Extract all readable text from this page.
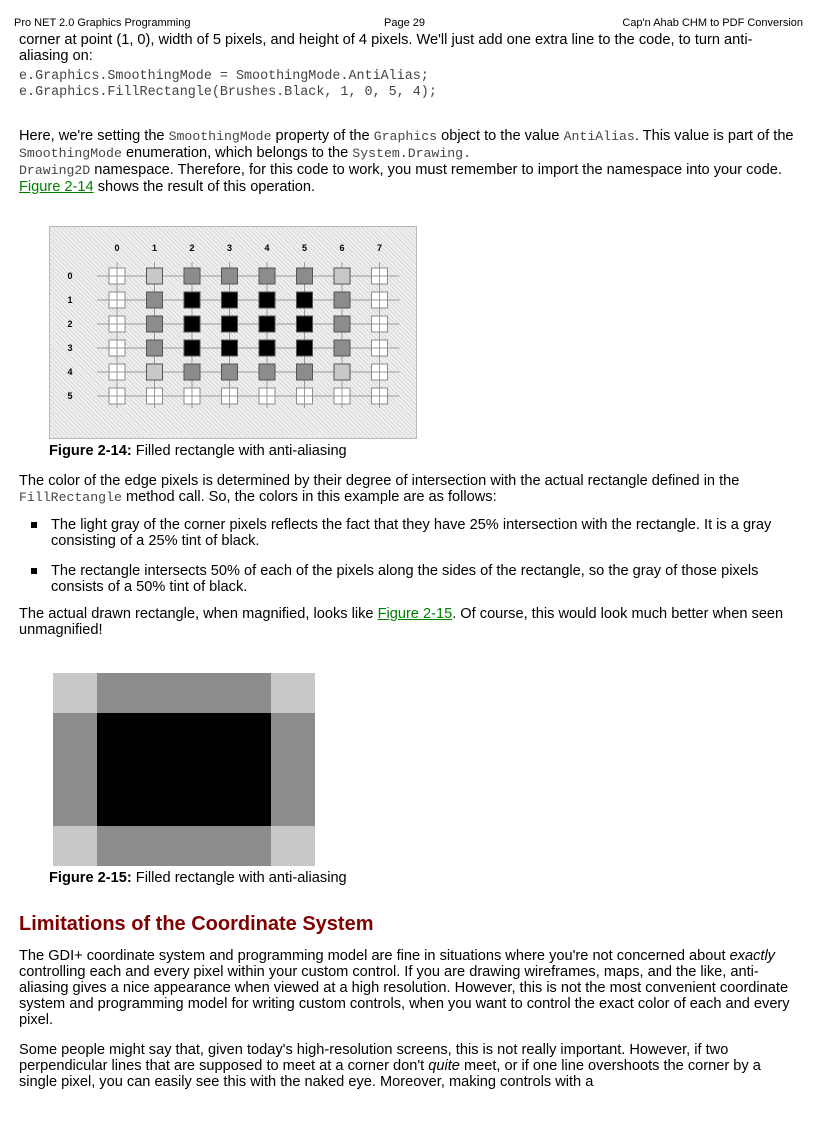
Pro NET 2.0 Graphics Programming	Page 29	Cap'n Ahab CHM to PDF Conversion

corner at point (1, 0), width of 5 pixels, and height of 4 pixels. We'll just add one extra line to the code, to turn anti-aliasing on:

e.Graphics.SmoothingMode = SmoothingMode.AntiAlias;
e.Graphics.FillRectangle(Brushes.Black, 1, 0, 5, 4);

Here, we're setting the SmoothingMode property of the Graphics object to the value AntiAlias. This value is part of the SmoothingMode enumeration, which belongs to the System.Drawing.
Drawing2D namespace. Therefore, for this code to work, you must remember to import the namespace into your code. Figure 2-14 shows the result of this operation.

0	1	2	3	4	5	6	7
0
1
2
3
4
5
Figure 2-14: Filled rectangle with anti-aliasing

The color of the edge pixels is determined by their degree of intersection with the actual rectangle defined in the FillRectangle method call. So, the colors in this example are as follows:

The light gray of the corner pixels reflects the fact that they have 25% intersection with the rectangle. It is a gray consisting of a 25% tint of black.
The rectangle intersects 50% of each of the pixels along the sides of the rectangle, so the gray of those pixels consists of a 50% tint of black.

The actual drawn rectangle, when magnified, looks like Figure 2-15. Of course, this would look much better when seen unmagnified!

Figure 2-15: Filled rectangle with anti-aliasing
Limitations of the Coordinate System

The GDI+ coordinate system and programming model are fine in situations where you're not concerned about exactly controlling each and every pixel within your custom control. If you are drawing wireframes, maps, and the like, anti-aliasing gives a nice appearance when viewed at a high resolution. However, this is not the most convenient coordinate system and programming model for writing custom controls, when you want to control the exact color of each and every pixel.

Some people might say that, given today's high-resolution screens, this is not really important. However, if two perpendicular lines that are supposed to meet at a corner don't quite meet, or if one line overshoots the corner by a single pixel, you can easily see this with the naked eye. Moreover, making controls with a
